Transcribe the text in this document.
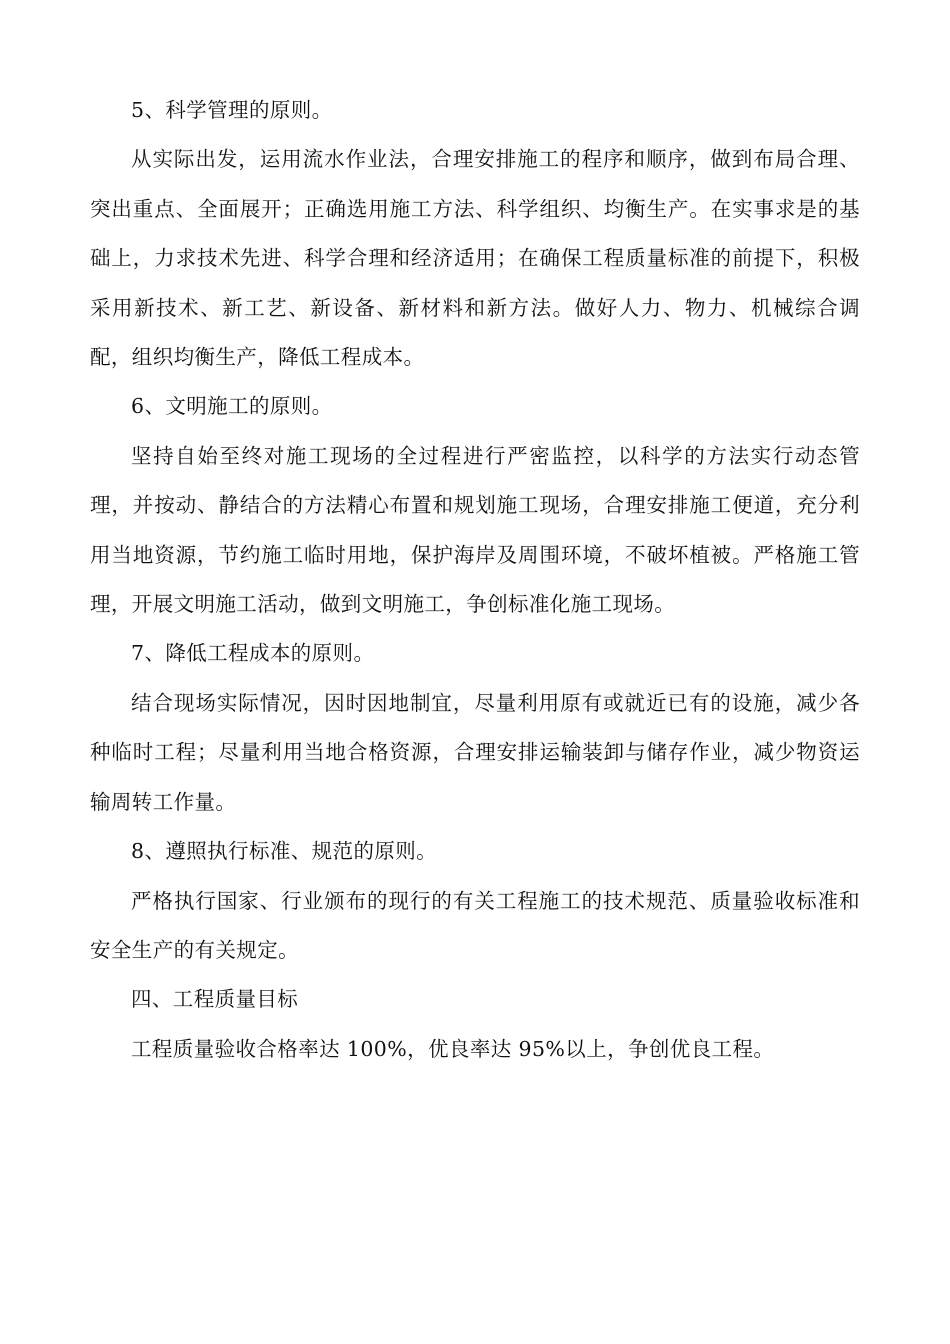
5、科学管理的原则。

从实际出发，运用流水作业法，合理安排施工的程序和顺序，做到布局合理、突出重点、全面展开；正确选用施工方法、科学组织、均衡生产。在实事求是的基础上，力求技术先进、科学合理和经济适用；在确保工程质量标准的前提下，积极采用新技术、新工艺、新设备、新材料和新方法。做好人力、物力、机械综合调配，组织均衡生产，降低工程成本。

6、文明施工的原则。

坚持自始至终对施工现场的全过程进行严密监控，以科学的方法实行动态管理，并按动、静结合的方法精心布置和规划施工现场，合理安排施工便道，充分利用当地资源，节约施工临时用地，保护海岸及周围环境，不破坏植被。严格施工管理，开展文明施工活动，做到文明施工，争创标准化施工现场。

7、降低工程成本的原则。

结合现场实际情况，因时因地制宜，尽量利用原有或就近已有的设施，减少各种临时工程；尽量利用当地合格资源，合理安排运输装卸与储存作业，减少物资运输周转工作量。

8、遵照执行标准、规范的原则。

严格执行国家、行业颁布的现行的有关工程施工的技术规范、质量验收标准和安全生产的有关规定。

四、工程质量目标

工程质量验收合格率达 100%，优良率达 95%以上，争创优良工程。
